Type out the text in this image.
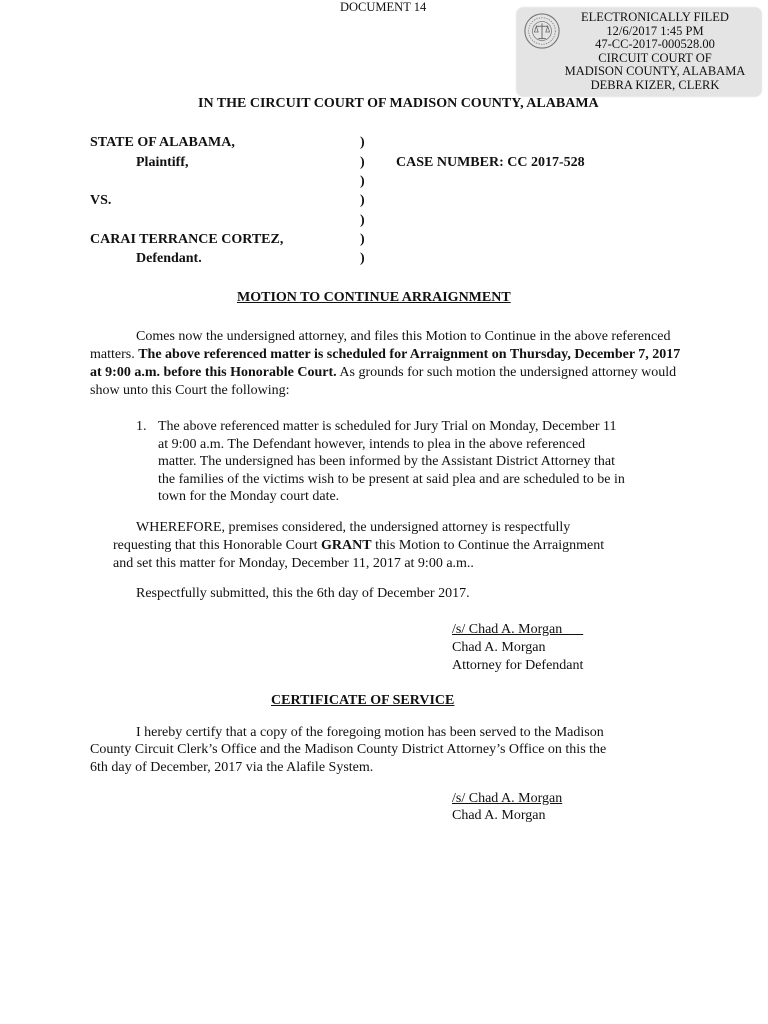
DOCUMENT 14
ELECTRONICALLY FILED
12/6/2017 1:45 PM
47-CC-2017-000528.00
CIRCUIT COURT OF
MADISON COUNTY, ALABAMA
DEBRA KIZER, CLERK
IN THE CIRCUIT COURT OF MADISON COUNTY, ALABAMA
STATE OF ALABAMA,
Plaintiff,
VS.
CARAI TERRANCE CORTEZ,
Defendant.
)
)
)
)
)
)
)
CASE NUMBER: CC 2017-528
MOTION TO CONTINUE ARRAIGNMENT
Comes now the undersigned attorney, and files this Motion to Continue in the above referenced matters. The above referenced matter is scheduled for Arraignment on Thursday, December 7, 2017 at 9:00 a.m. before this Honorable Court. As grounds for such motion the undersigned attorney would show unto this Court the following:
1. The above referenced matter is scheduled for Jury Trial on Monday, December 11
at 9:00 a.m. The Defendant however, intends to plea in the above referenced
matter. The undersigned has been informed by the Assistant District Attorney that
the families of the victims wish to be present at said plea and are scheduled to be in
town for the Monday court date.
WHEREFORE, premises considered, the undersigned attorney is respectfully
requesting that this Honorable Court GRANT this Motion to Continue the Arraignment
and set this matter for Monday, December 11, 2017 at 9:00 a.m..
Respectfully submitted, this the 6th day of December 2017.
/s/ Chad A. Morgan
Chad A. Morgan
Attorney for Defendant
CERTIFICATE OF SERVICE
I hereby certify that a copy of the foregoing motion has been served to the Madison
County Circuit Clerk’s Office and the Madison County District Attorney’s Office on this the
6th day of December, 2017 via the Alafile System.
/s/ Chad A. Morgan
Chad A. Morgan
